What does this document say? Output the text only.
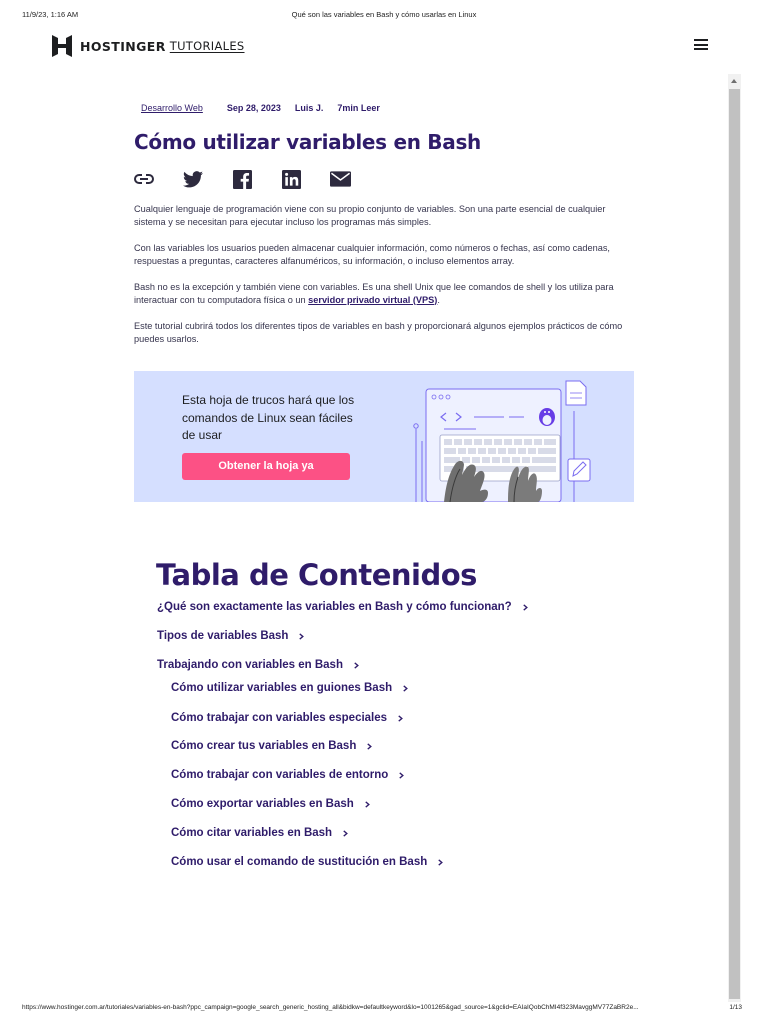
11/9/23, 1:16 AM	Qué son las variables en Bash y cómo usarlas en Linux
HOSTINGER TUTORIALES
Desarrollo Web	Sep 28, 2023 Luis J. 7min Leer
Cómo utilizar variables en Bash

Cualquier lenguaje de programación viene con su propio conjunto de variables. Son una parte esencial de cualquier sistema y se necesitan para ejecutar incluso los programas más simples.

Con las variables los usuarios pueden almacenar cualquier información, como números o fechas, así como cadenas, respuestas a preguntas, caracteres alfanuméricos, su información, o incluso elementos array.

Bash no es la excepción y también viene con variables. Es una shell Unix que lee comandos de shell y los utiliza para interactuar con tu computadora física o un servidor privado virtual (VPS).

Este tutorial cubrirá todos los diferentes tipos de variables en bash y proporcionará algunos ejemplos prácticos de cómo puedes usarlos.

Esta hoja de trucos hará que los comandos de Linux sean fáciles de usar
Obtener la hoja ya
Tabla de Contenidos
¿Qué son exactamente las variables en Bash y cómo funcionan?
Tipos de variables Bash
Trabajando con variables en Bash
Cómo utilizar variables en guiones Bash
Cómo trabajar con variables especiales
Cómo crear tus variables en Bash
Cómo trabajar con variables de entorno
Cómo exportar variables en Bash
Cómo citar variables en Bash
Cómo usar el comando de sustitución en Bash
https://www.hostinger.com.ar/tutoriales/variables-en-bash?ppc_campaign=google_search_generic_hosting_all&bidkw=defaultkeyword&lo=1001265&gad_source=1&gclid=EAIaIQobChMI4f323MavggMV77ZaBR2e...	1/13
